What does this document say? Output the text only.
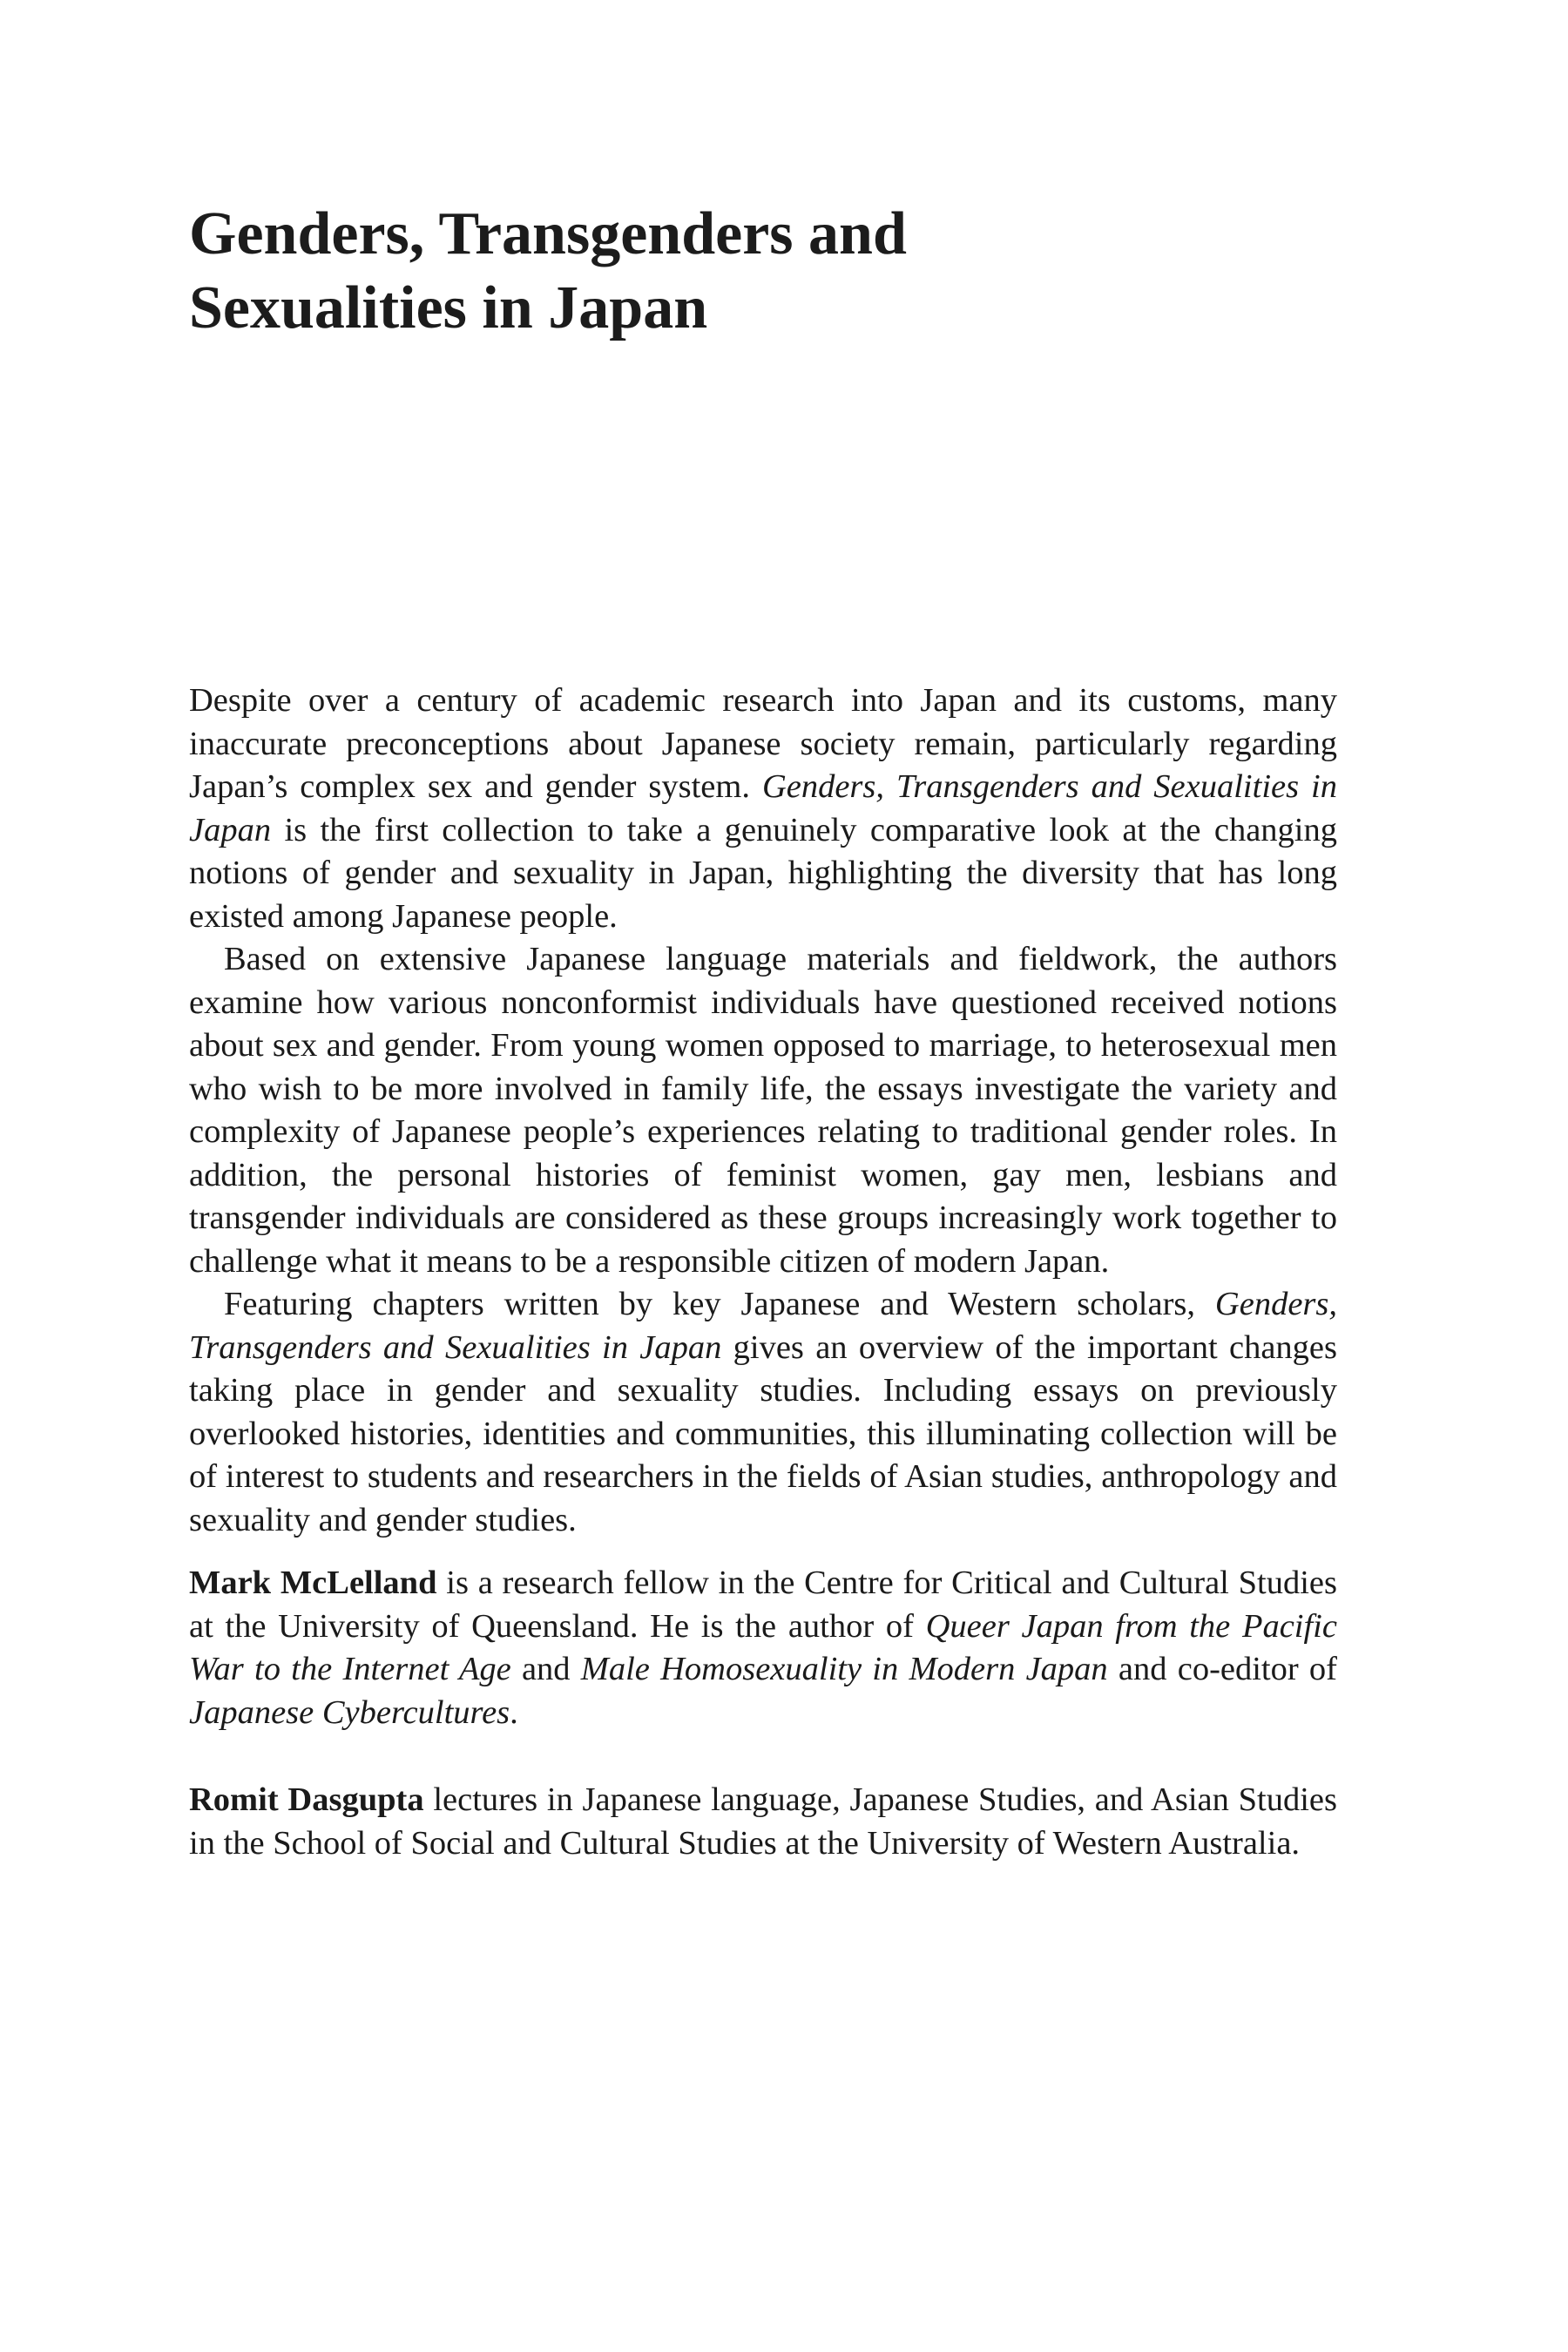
Genders, Transgenders and
Sexualities in Japan

Despite over a century of academic research into Japan and its customs, many inaccurate preconceptions about Japanese society remain, particularly regarding Japan’s complex sex and gender system. Genders, Transgenders and Sexualities in Japan is the first collection to take a genuinely comparative look at the changing notions of gender and sexuality in Japan, highlighting the diversity that has long existed among Japanese people.

Based on extensive Japanese language materials and fieldwork, the authors examine how various nonconformist individuals have questioned received notions about sex and gender. From young women opposed to marriage, to heterosexual men who wish to be more involved in family life, the essays investigate the variety and complexity of Japanese people’s experiences relating to traditional gender roles. In addition, the personal histories of feminist women, gay men, lesbians and transgender individuals are considered as these groups increasingly work together to challenge what it means to be a responsible citizen of modern Japan.

Featuring chapters written by key Japanese and Western scholars, Genders, Transgenders and Sexualities in Japan gives an overview of the important changes taking place in gender and sexuality studies. Including essays on previously overlooked histories, identities and communities, this illuminating collection will be of interest to students and researchers in the fields of Asian studies, anthropology and sexuality and gender studies.

Mark McLelland is a research fellow in the Centre for Critical and Cultural Studies at the University of Queensland. He is the author of Queer Japan from the Pacific War to the Internet Age and Male Homosexuality in Modern Japan and co-editor of Japanese Cybercultures.

Romit Dasgupta lectures in Japanese language, Japanese Studies, and Asian Studies in the School of Social and Cultural Studies at the University of Western Australia.
